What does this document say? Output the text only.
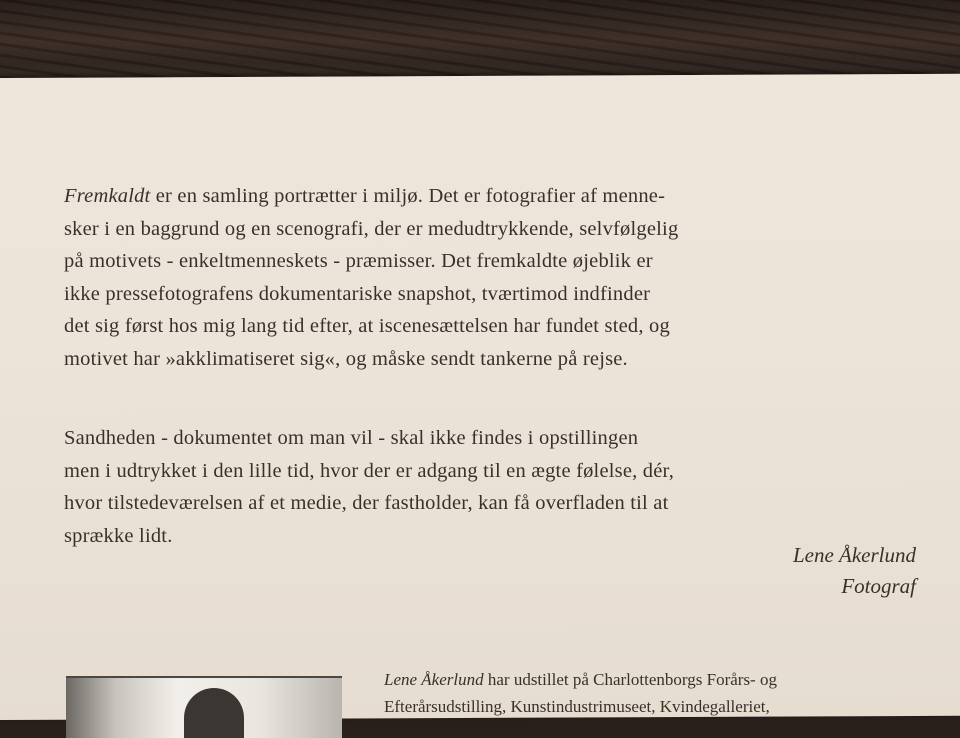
Fremkaldt er en samling portrætter i miljø. Det er fotografier af menne-
sker i en baggrund og en scenografi, der er medudtrykkende, selvfølgelig
på motivets - enkeltmenneskets - præmisser. Det fremkaldte øjeblik er
ikke pressefotografens dokumentariske snapshot, tværtimod indfinder
det sig først hos mig lang tid efter, at iscenesættelsen har fundet sted, og
motivet har »akklimatiseret sig«, og måske sendt tankerne på rejse.

Sandheden - dokumentet om man vil - skal ikke findes i opstillingen
men i udtrykket i den lille tid, hvor der er adgang til en ægte følelse, dér,
hvor tilstedeværelsen af et medie, der fastholder, kan få overfladen til at
sprække lidt.

Lene Åkerlund
Fotograf

Lene Åkerlund har udstillet på Charlottenborgs Forårs- og
Efterårsudstilling, Kunstindustrimuseet, Kvindegalleriet,
